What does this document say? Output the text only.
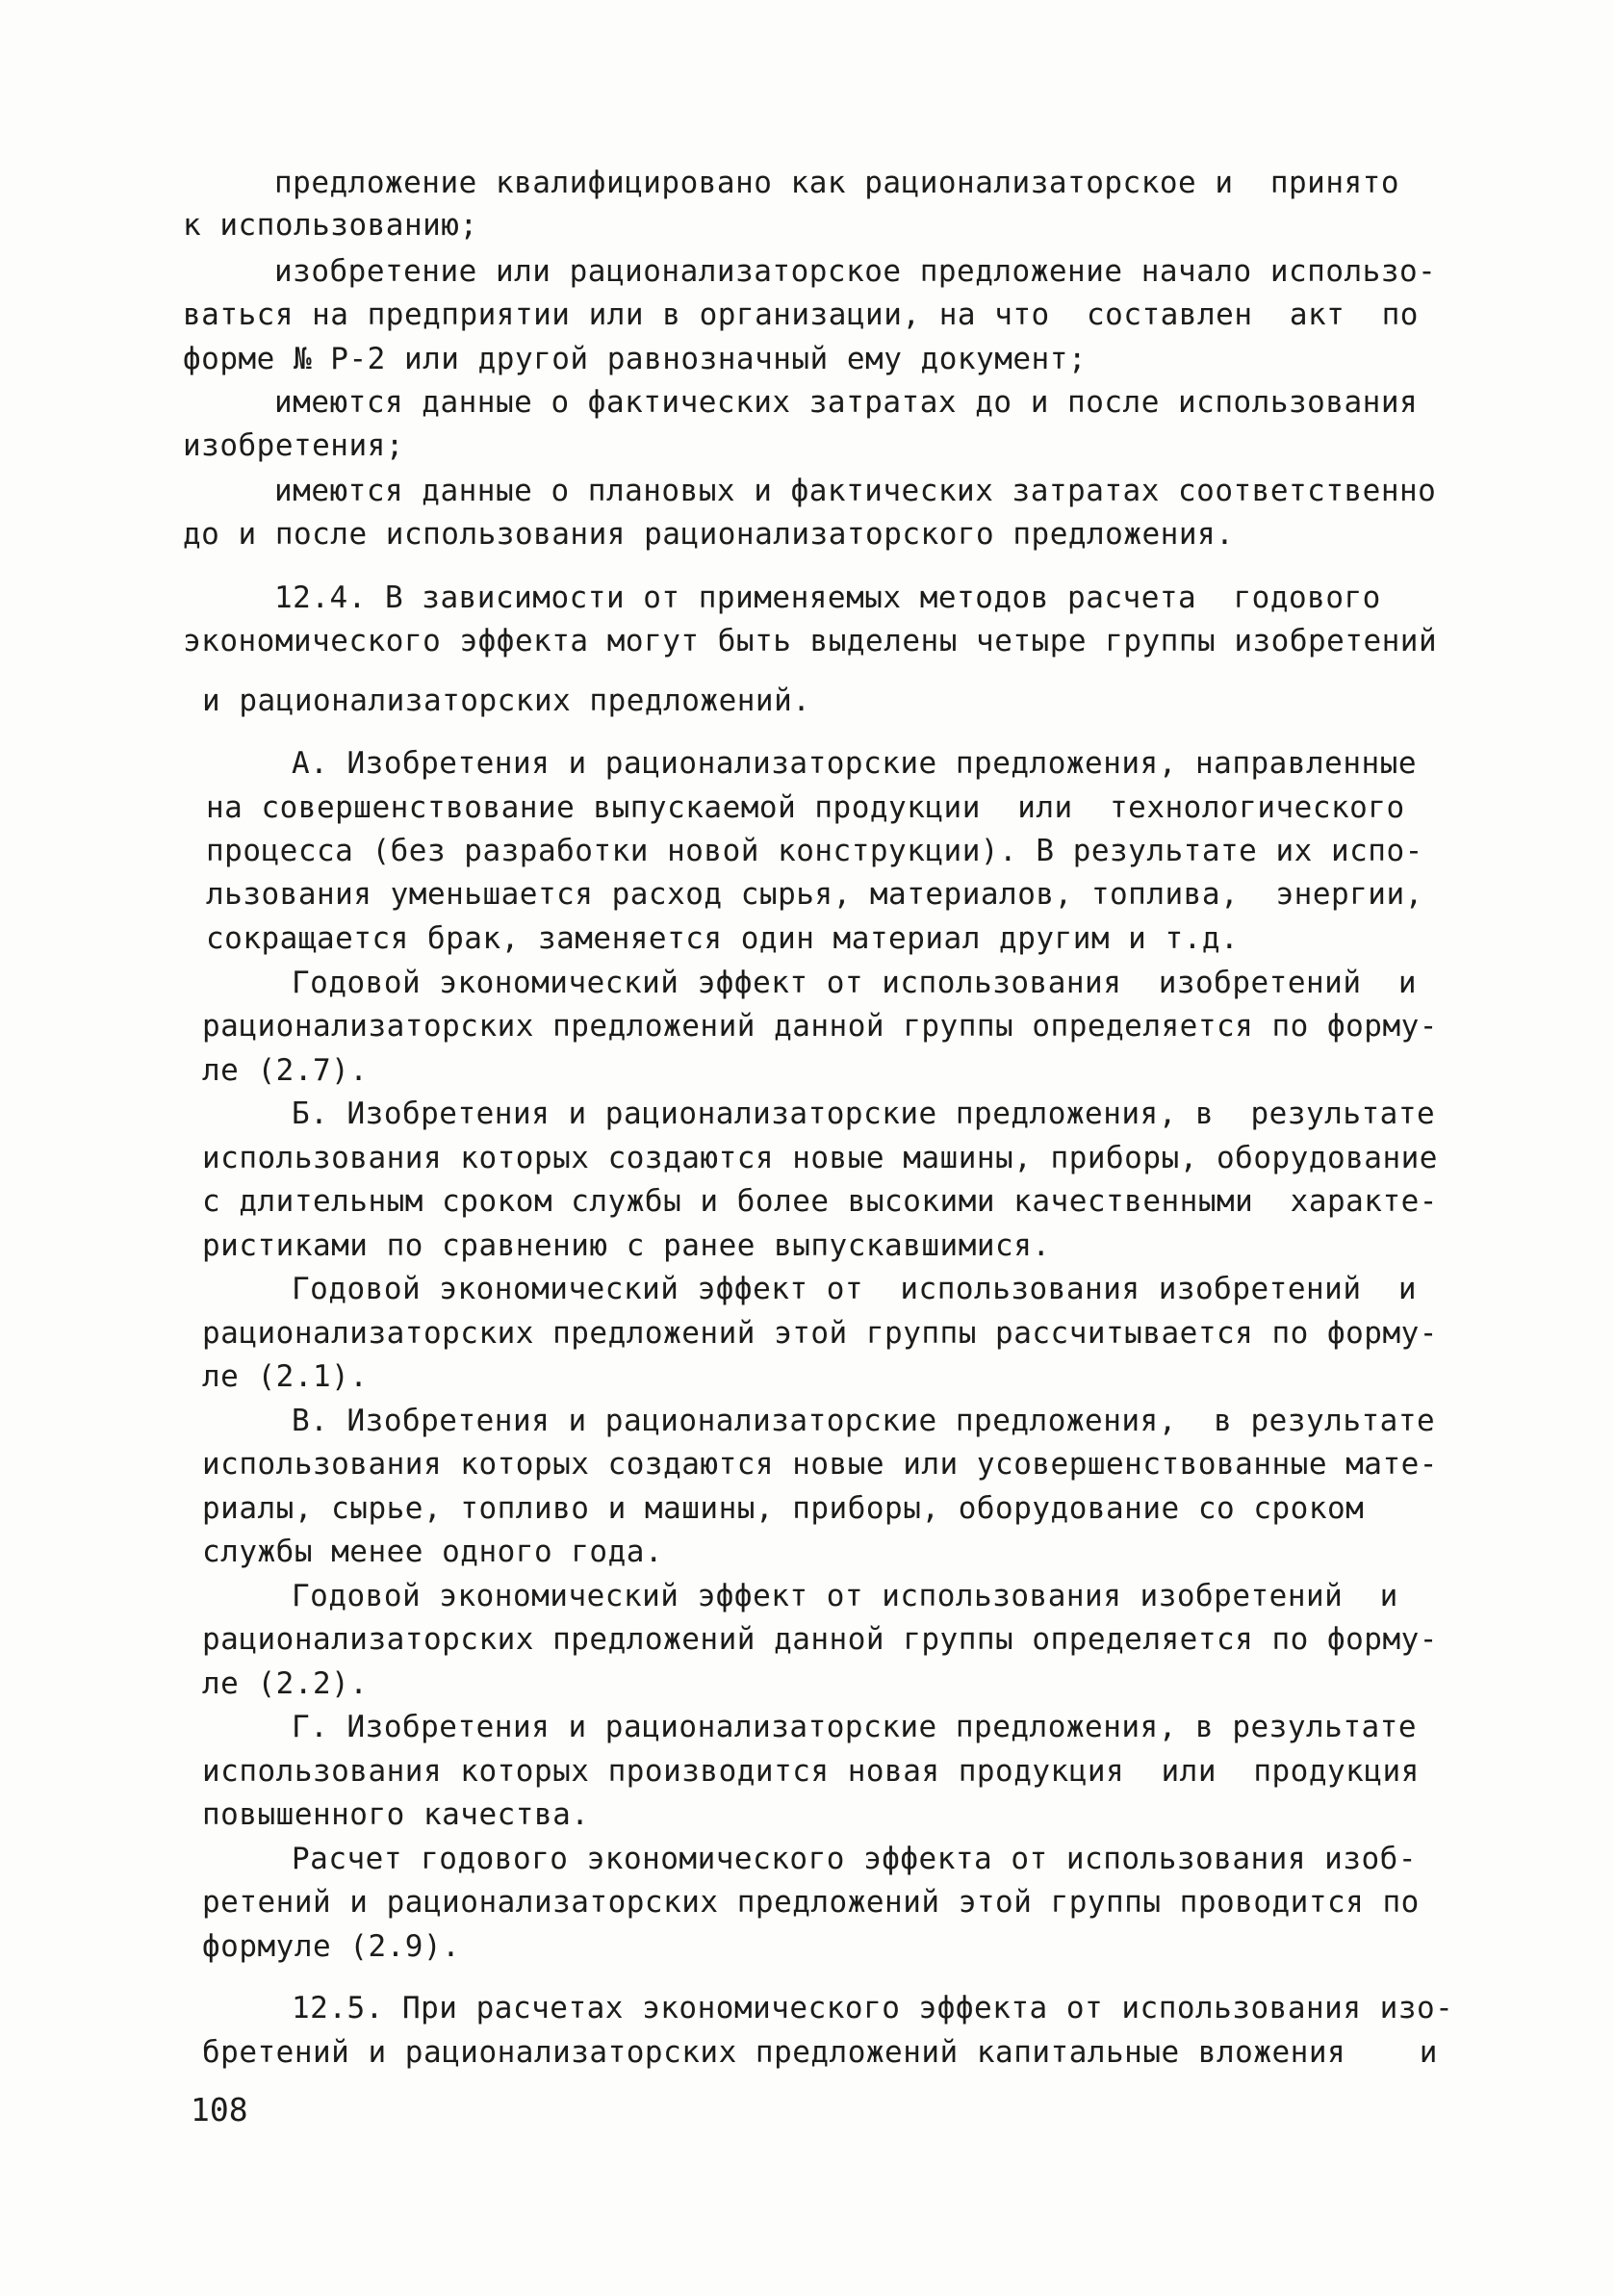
предложение квалифицировано как рационализаторское и  принято
к использованию;
изобретение или рационализаторское предложение начало использо-
ваться на предприятии или в организации, на что  составлен  акт  по
форме № Р-2 или другой равнозначный ему документ;
имеются данные о фактических затратах до и после использования
изобретения;
имеются данные о плановых и фактических затратах соответственно
до и после использования рационализаторского предложения.
12.4. В зависимости от применяемых методов расчета  годового
экономического эффекта могут быть выделены четыре группы изобретений
и рационализаторских предложений.
А. Изобретения и рационализаторские предложения, направленные
на совершенствование выпускаемой продукции  или  технологического
процесса (без разработки новой конструкции). В результате их испо-
льзования уменьшается расход сырья, материалов, топлива,  энергии,
сокращается брак, заменяется один материал другим и т.д.
Годовой экономический эффект от использования  изобретений  и
рационализаторских предложений данной группы определяется по форму-
ле (2.7).
Б. Изобретения и рационализаторские предложения, в  результате
использования которых создаются новые машины, приборы, оборудование
с длительным сроком службы и более высокими качественными  характе-
ристиками по сравнению с ранее выпускавшимися.
Годовой экономический эффект от  использования изобретений  и
рационализаторских предложений этой группы рассчитывается по форму-
ле (2.1).
В. Изобретения и рационализаторские предложения,  в результате
использования которых создаются новые или усовершенствованные мате-
риалы, сырье, топливо и машины, приборы, оборудование со сроком
службы менее одного года.
Годовой экономический эффект от использования изобретений  и
рационализаторских предложений данной группы определяется по форму-
ле (2.2).
Г. Изобретения и рационализаторские предложения, в результате
использования которых производится новая продукция  или  продукция
повышенного качества.
Расчет годового экономического эффекта от использования изоб-
ретений и рационализаторских предложений этой группы проводится по
формуле (2.9).
12.5. При расчетах экономического эффекта от использования изо-
бретений и рационализаторских предложений капитальные вложения    и
108
